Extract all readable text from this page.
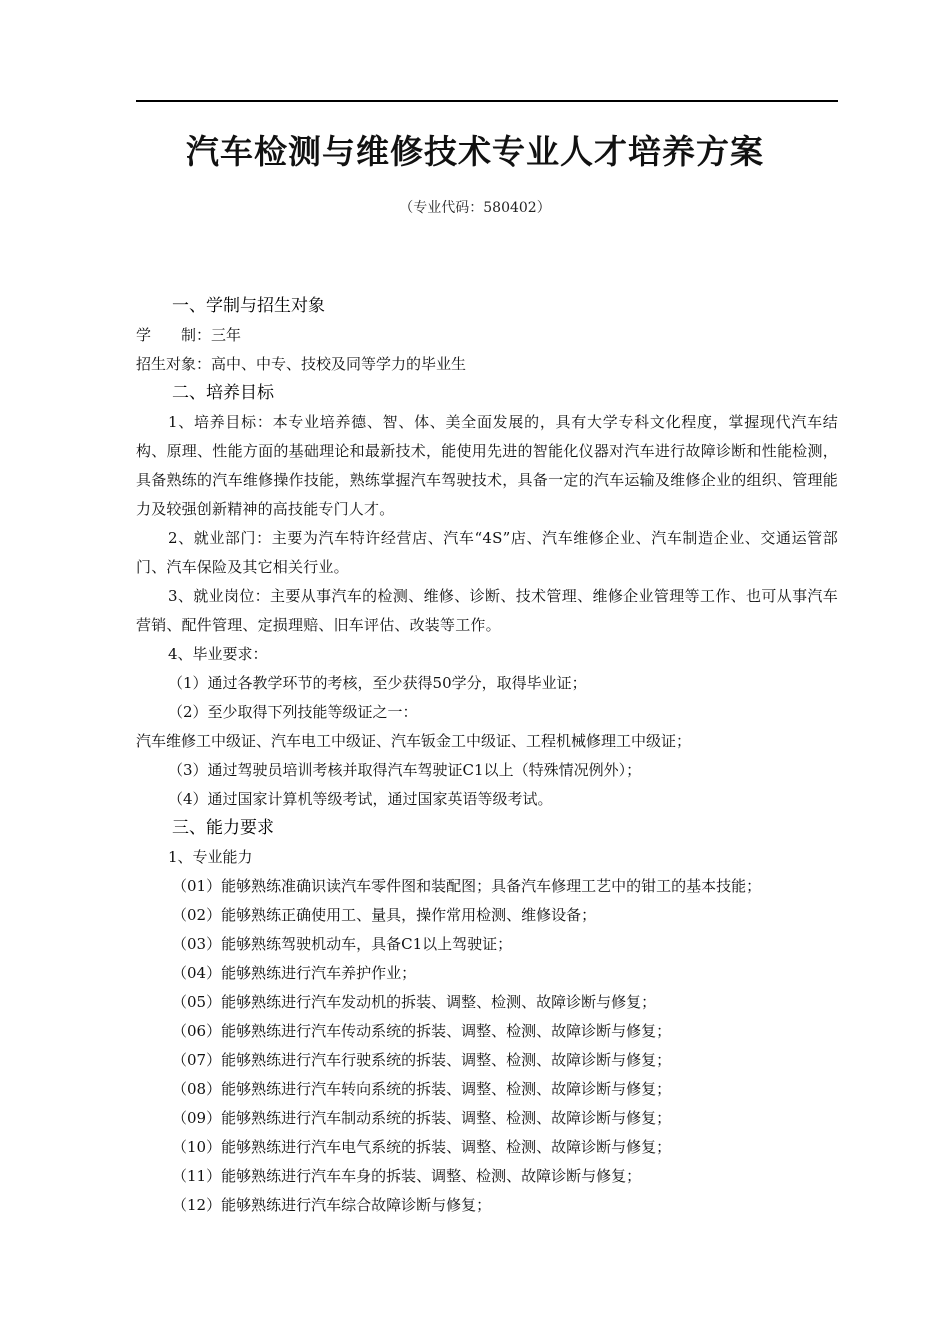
汽车检测与维修技术专业人才培养方案
（专业代码：580402）
一、学制与招生对象
学　　制：三年
招生对象：高中、中专、技校及同等学力的毕业生
二、培养目标
1、培养目标：本专业培养德、智、体、美全面发展的，具有大学专科文化程度，掌握现代汽车结构、原理、性能方面的基础理论和最新技术，能使用先进的智能化仪器对汽车进行故障诊断和性能检测，具备熟练的汽车维修操作技能，熟练掌握汽车驾驶技术，具备一定的汽车运输及维修企业的组织、管理能力及较强创新精神的高技能专门人才。
2、就业部门：主要为汽车特许经营店、汽车“4S”店、汽车维修企业、汽车制造企业、交通运管部门、汽车保险及其它相关行业。
3、就业岗位：主要从事汽车的检测、维修、诊断、技术管理、维修企业管理等工作、也可从事汽车营销、配件管理、定损理赔、旧车评估、改装等工作。
4、毕业要求：
（1）通过各教学环节的考核，至少获得50学分，取得毕业证；
（2）至少取得下列技能等级证之一：
汽车维修工中级证、汽车电工中级证、汽车钣金工中级证、工程机械修理工中级证；
（3）通过驾驶员培训考核并取得汽车驾驶证C1以上（特殊情况例外）；
（4）通过国家计算机等级考试，通过国家英语等级考试。
三、能力要求
1、专业能力
（01）能够熟练准确识读汽车零件图和装配图；具备汽车修理工艺中的钳工的基本技能；
（02）能够熟练正确使用工、量具，操作常用检测、维修设备；
（03）能够熟练驾驶机动车，具备C1以上驾驶证；
（04）能够熟练进行汽车养护作业；
（05）能够熟练进行汽车发动机的拆装、调整、检测、故障诊断与修复；
（06）能够熟练进行汽车传动系统的拆装、调整、检测、故障诊断与修复；
（07）能够熟练进行汽车行驶系统的拆装、调整、检测、故障诊断与修复；
（08）能够熟练进行汽车转向系统的拆装、调整、检测、故障诊断与修复；
（09）能够熟练进行汽车制动系统的拆装、调整、检测、故障诊断与修复；
（10）能够熟练进行汽车电气系统的拆装、调整、检测、故障诊断与修复；
（11）能够熟练进行汽车车身的拆装、调整、检测、故障诊断与修复；
（12）能够熟练进行汽车综合故障诊断与修复；
